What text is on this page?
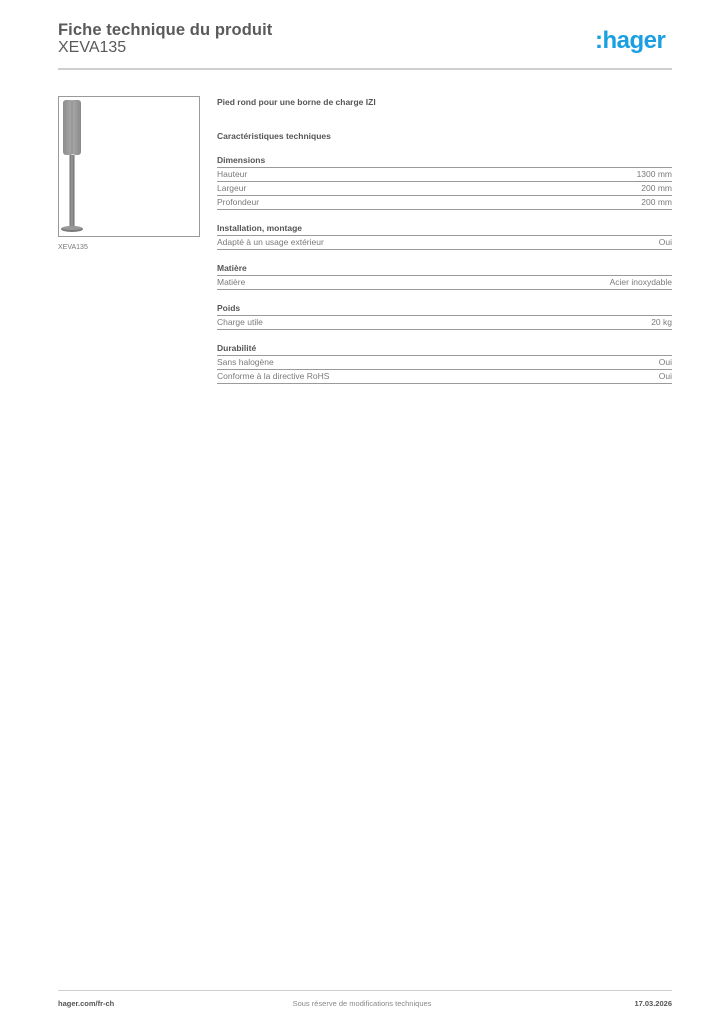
Fiche technique du produit
XEVA135	:hager
XEVA135
Pied rond pour une borne de charge IZI
Caractéristiques techniques
Dimensions
Hauteur	1300 mm
Largeur	200 mm
Profondeur	200 mm
Installation, montage
Adapté à un usage extérieur	Oui
Matière
Matière	Acier inoxydable
Poids
Charge utile	20 kg
Durabilité
Sans halogène	Oui
Conforme à la directive RoHS	Oui
hager.com/fr-ch	Sous réserve de modifications techniques	17.03.2026
